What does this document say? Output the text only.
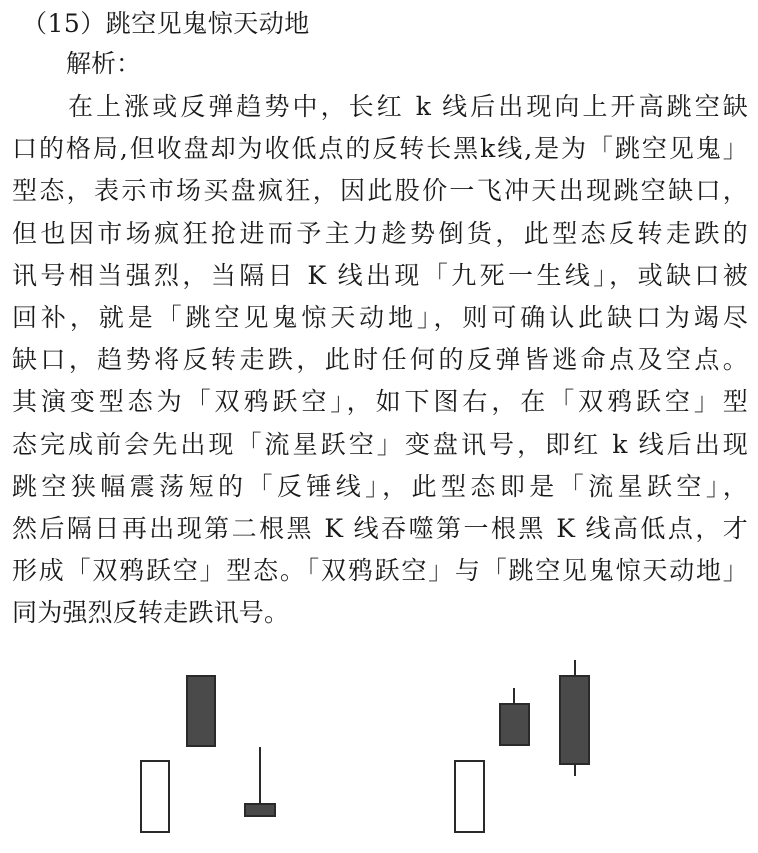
（15）跳空见鬼惊天动地
解析：
在上涨或反弹趋势中，长红 k 线后出现向上开高跳空缺
口的格局,但收盘却为收低点的反转长黑k线,是为「跳空见鬼」
型态，表示市场买盘疯狂，因此股价一飞冲天出现跳空缺口，
但也因市场疯狂抢进而予主力趁势倒货，此型态反转走跌的
讯号相当强烈，当隔日 K 线出现「九死一生线」，或缺口被
回补，就是「跳空见鬼惊天动地」，则可确认此缺口为竭尽
缺口，趋势将反转走跌，此时任何的反弹皆逃命点及空点。
其演变型态为「双鸦跃空」，如下图右，在「双鸦跃空」型
态完成前会先出现「流星跃空」变盘讯号，即红 k 线后出现
跳空狭幅震荡短的「反锤线」，此型态即是「流星跃空」，
然后隔日再出现第二根黑 K 线吞噬第一根黑 K 线高低点，才
形成「双鸦跃空」型态。「双鸦跃空」与「跳空见鬼惊天动地」
同为强烈反转走跌讯号。
